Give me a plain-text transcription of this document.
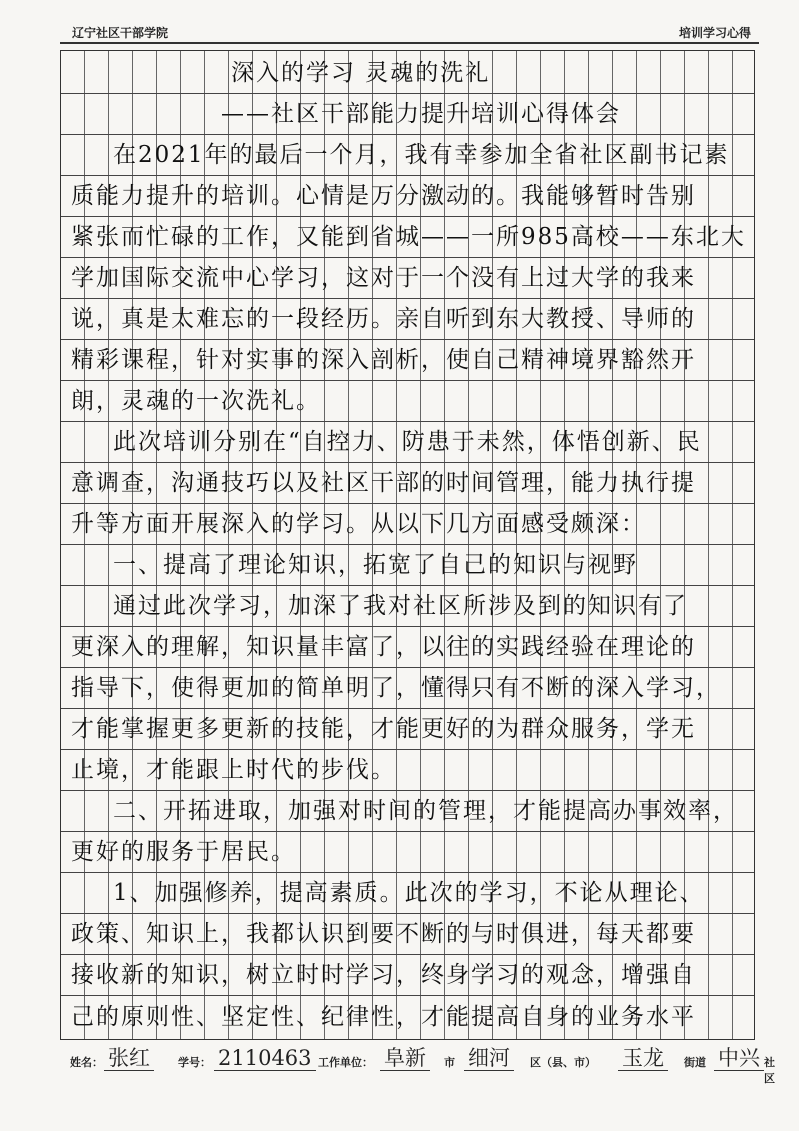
辽宁社区干部学院	培训学习心得
深入的学习 灵魂的洗礼
——社区干部能力提升培训心得体会
在2021年的最后一个月，我有幸参加全省社区副书记素
质能力提升的培训。心情是万分激动的。我能够暂时告别
紧张而忙碌的工作，又能到省城——一所985高校——东北大
学加国际交流中心学习，这对于一个没有上过大学的我来
说，真是太难忘的一段经历。亲自听到东大教授、导师的
精彩课程，针对实事的深入剖析，使自己精神境界豁然开
朗，灵魂的一次洗礼。
此次培训分别在“自控力、防患于未然，体悟创新、民
意调查，沟通技巧以及社区干部的时间管理，能力执行提
升等方面开展深入的学习。从以下几方面感受颇深：
一、提高了理论知识，拓宽了自己的知识与视野
通过此次学习，加深了我对社区所涉及到的知识有了
更深入的理解，知识量丰富了，以往的实践经验在理论的
指导下，使得更加的简单明了，懂得只有不断的深入学习，
才能掌握更多更新的技能，才能更好的为群众服务，学无
止境，才能跟上时代的步伐。
二、开拓进取，加强对时间的管理，才能提高办事效率，
更好的服务于居民。
1、加强修养，提高素质。此次的学习，不论从理论、
政策、知识上，我都认识到要不断的与时俱进，每天都要
接收新的知识，树立时时学习，终身学习的观念，增强自
己的原则性、坚定性、纪律性，才能提高自身的业务水平
姓名： 张红	学号： 2110463 工作单位： 阜新	市 细河	区（县、市） 玉龙	街道 中兴 社区
